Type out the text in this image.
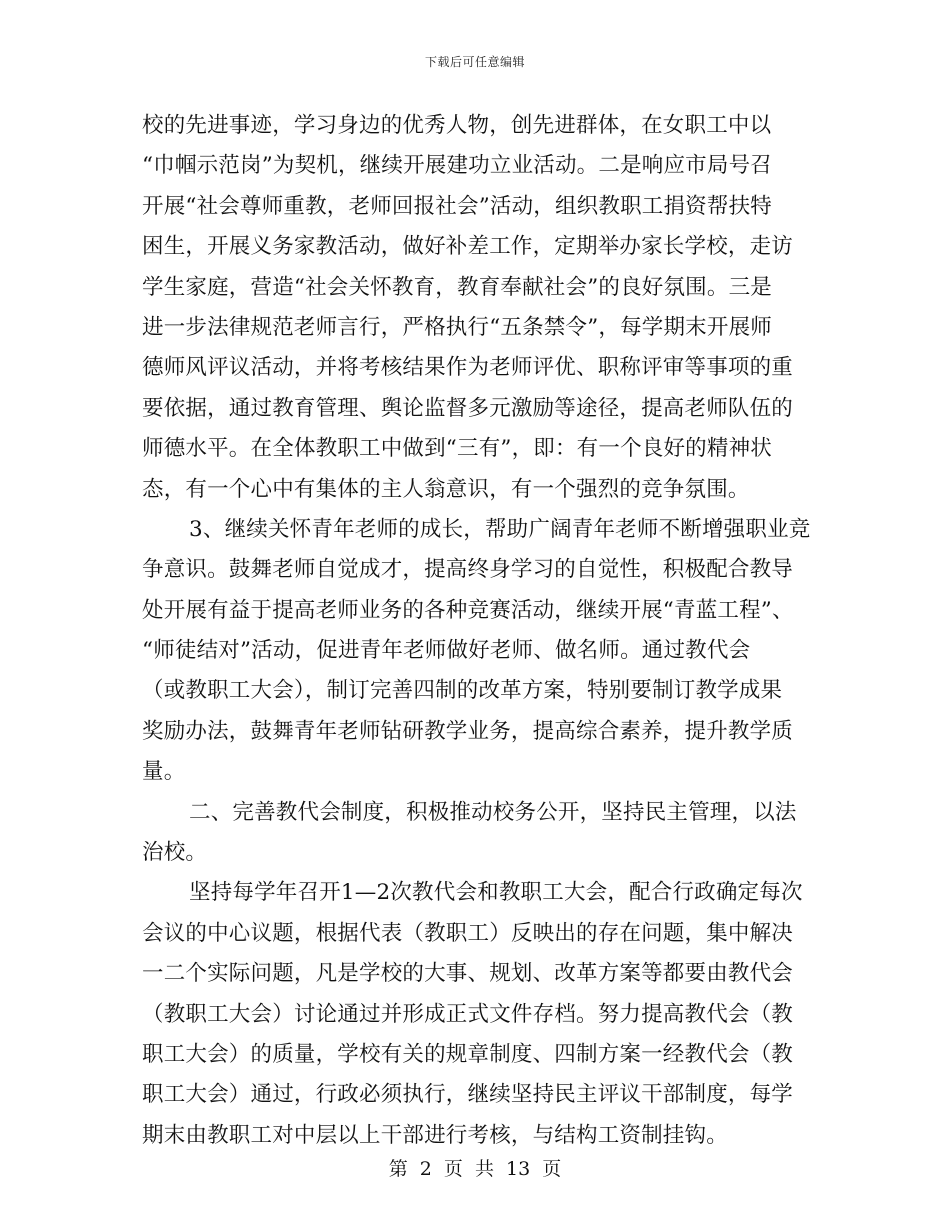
下载后可任意编辑
校的先进事迹，学习身边的优秀人物，创先进群体，在女职工中以
“巾帼示范岗”为契机，继续开展建功立业活动。二是响应市局号召
开展“社会尊师重教，老师回报社会”活动，组织教职工捐资帮扶特
困生，开展义务家教活动，做好补差工作，定期举办家长学校，走访
学生家庭，营造“社会关怀教育，教育奉献社会”的良好氛围。三是
进一步法律规范老师言行，严格执行“五条禁令”，每学期末开展师
德师风评议活动，并将考核结果作为老师评优、职称评审等事项的重
要依据，通过教育管理、舆论监督多元激励等途径，提高老师队伍的
师德水平。在全体教职工中做到“三有”，即：有一个良好的精神状
态，有一个心中有集体的主人翁意识，有一个强烈的竞争氛围。
3、继续关怀青年老师的成长，帮助广阔青年老师不断增强职业竞
争意识。鼓舞老师自觉成才，提高终身学习的自觉性，积极配合教导
处开展有益于提高老师业务的各种竞赛活动，继续开展“青蓝工程”、
“师徒结对”活动，促进青年老师做好老师、做名师。通过教代会
（或教职工大会），制订完善四制的改革方案，特别要制订教学成果
奖励办法，鼓舞青年老师钻研教学业务，提高综合素养，提升教学质
量。
二、完善教代会制度，积极推动校务公开，坚持民主管理，以法
治校。
坚持每学年召开1—2次教代会和教职工大会，配合行政确定每次
会议的中心议题，根据代表（教职工）反映出的存在问题，集中解决
一二个实际问题，凡是学校的大事、规划、改革方案等都要由教代会
（教职工大会）讨论通过并形成正式文件存档。努力提高教代会（教
职工大会）的质量，学校有关的规章制度、四制方案一经教代会（教
职工大会）通过，行政必须执行，继续坚持民主评议干部制度，每学
期末由教职工对中层以上干部进行考核，与结构工资制挂钩。
第 2 页 共 13 页
